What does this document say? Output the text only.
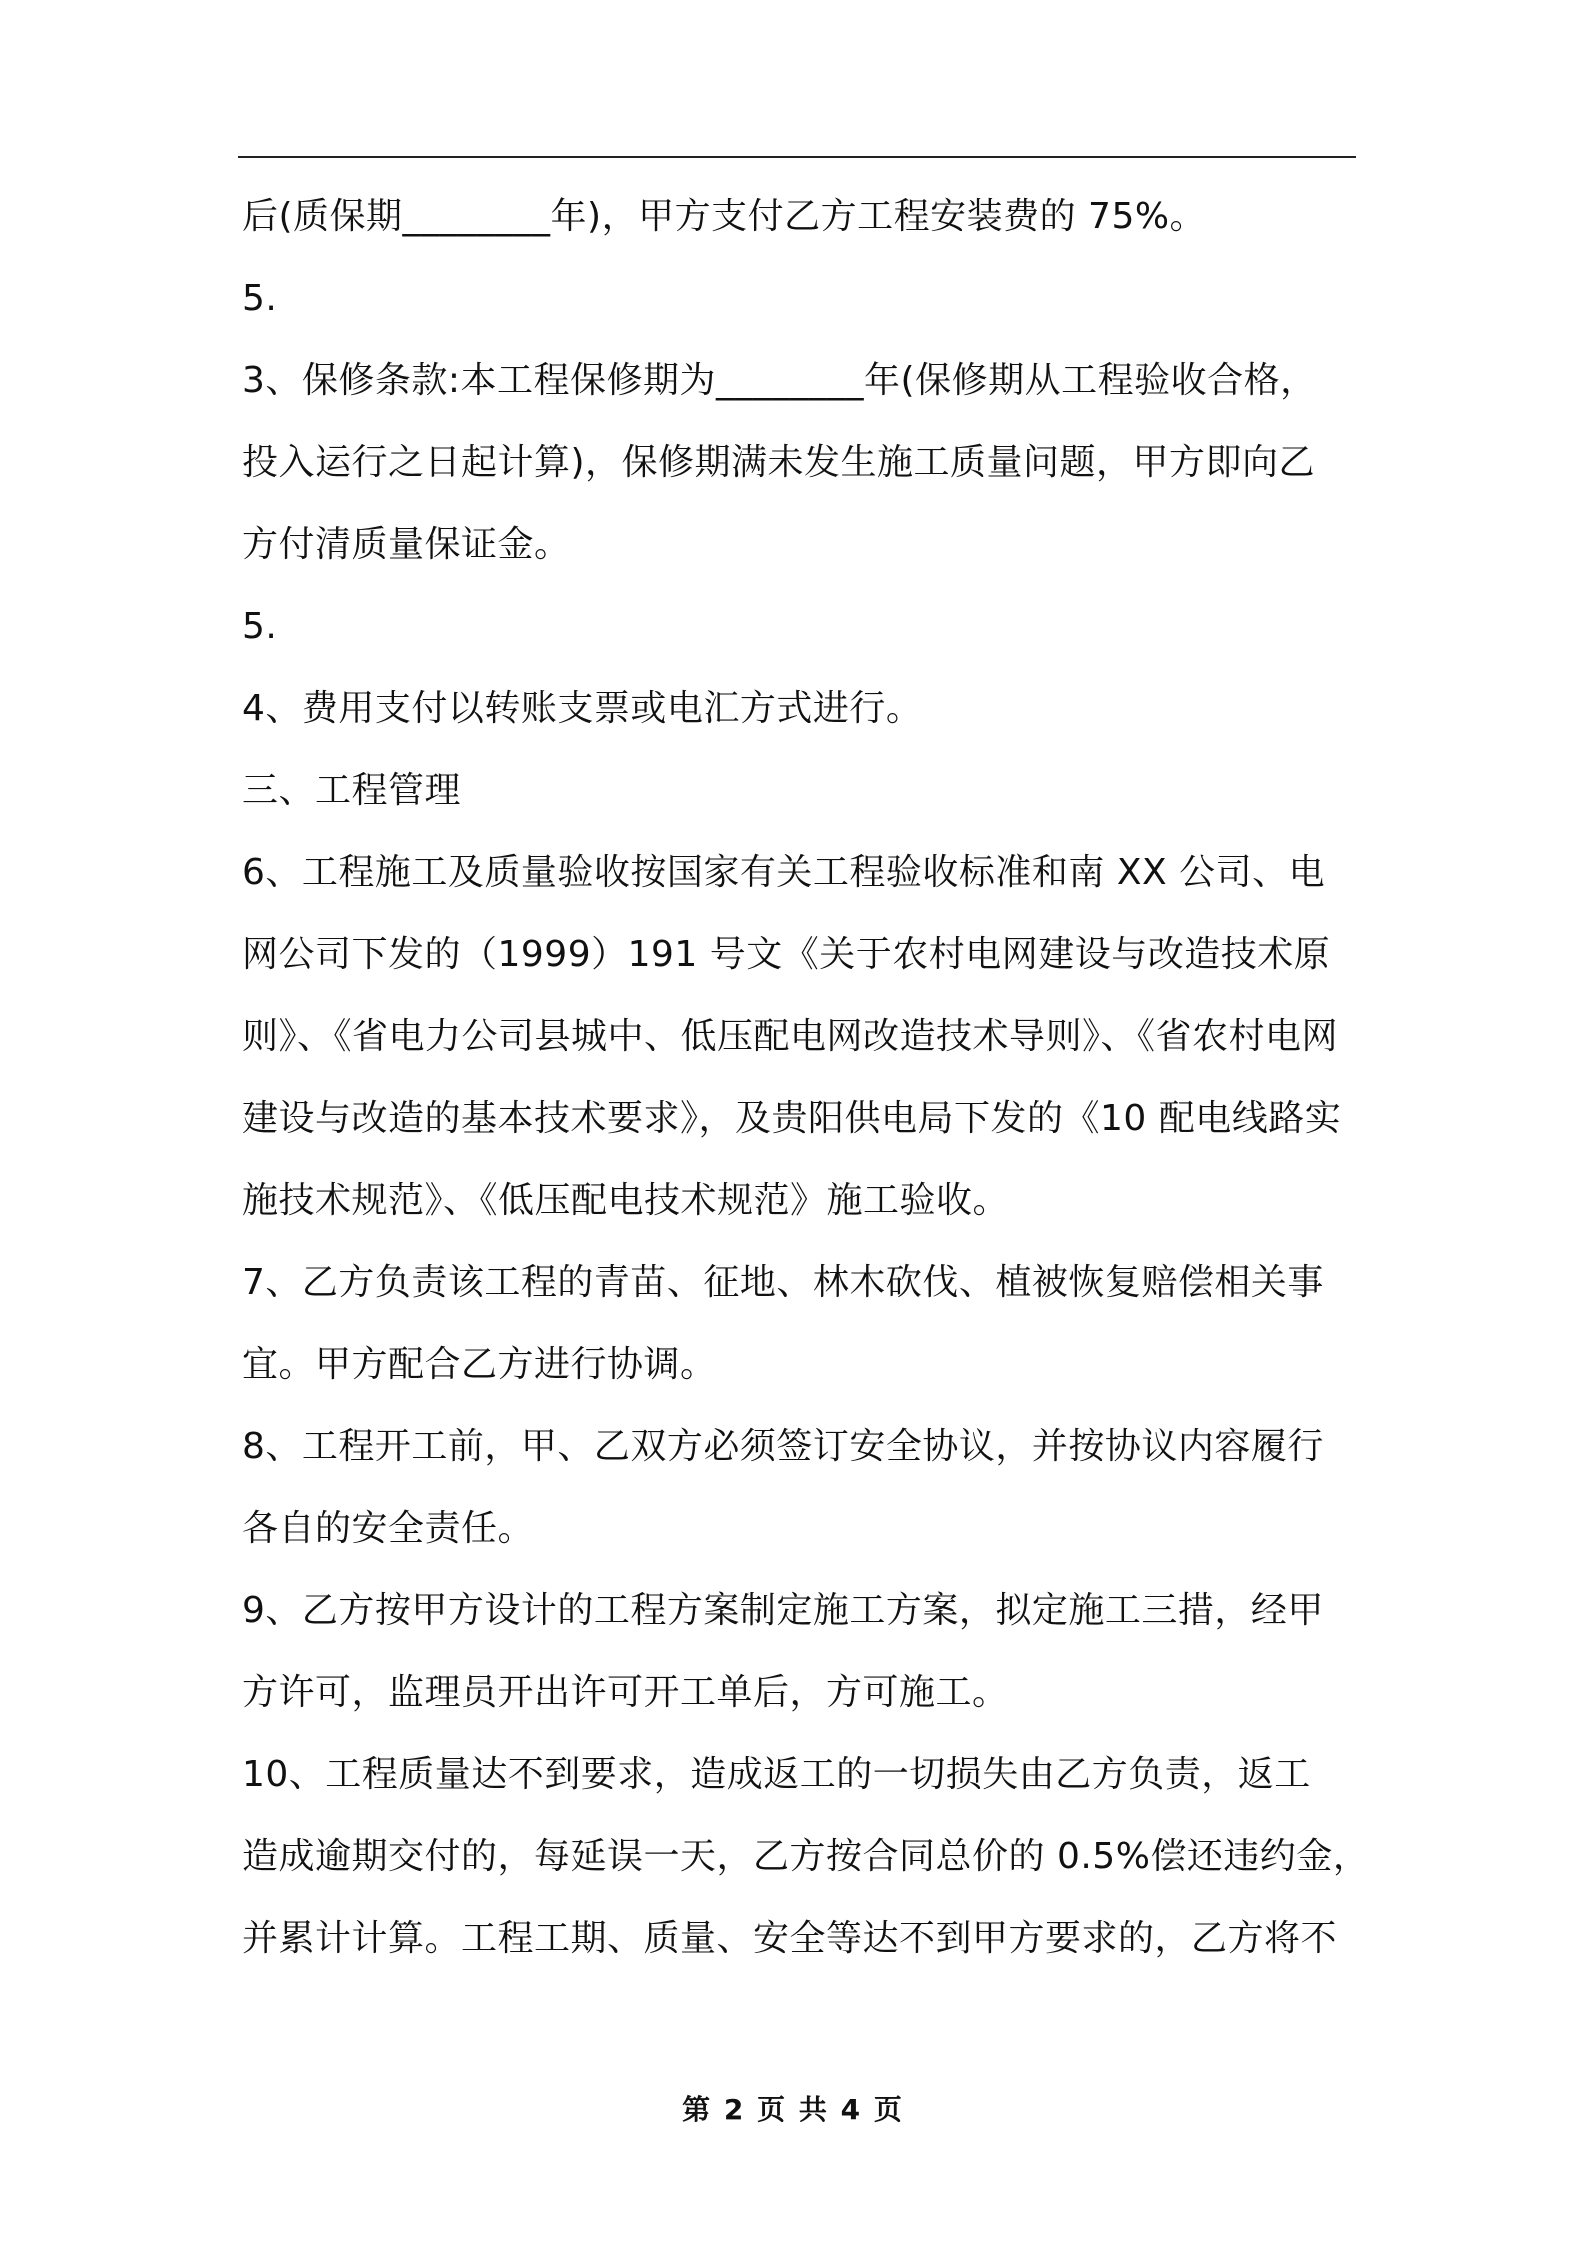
后(质保期________年)，甲方支付乙方工程安装费的 75%。
5.
3、保修条款:本工程保修期为________年(保修期从工程验收合格，
投入运行之日起计算)，保修期满未发生施工质量问题，甲方即向乙
方付清质量保证金。
5.
4、费用支付以转账支票或电汇方式进行。
三、工程管理
6、工程施工及质量验收按国家有关工程验收标准和南 XX 公司、电
网公司下发的（1999）191 号文《关于农村电网建设与改造技术原
则》、《省电力公司县城中、低压配电网改造技术导则》、《省农村电网
建设与改造的基本技术要求》，及贵阳供电局下发的《10 配电线路实
施技术规范》、《低压配电技术规范》施工验收。
7、乙方负责该工程的青苗、征地、林木砍伐、植被恢复赔偿相关事
宜。甲方配合乙方进行协调。
8、工程开工前，甲、乙双方必须签订安全协议，并按协议内容履行
各自的安全责任。
9、乙方按甲方设计的工程方案制定施工方案，拟定施工三措，经甲
方许可，监理员开出许可开工单后，方可施工。
10、工程质量达不到要求，造成返工的一切损失由乙方负责，返工
造成逾期交付的，每延误一天，乙方按合同总价的 0.5%偿还违约金，
并累计计算。工程工期、质量、安全等达不到甲方要求的，乙方将不
第 2 页 共 4 页
